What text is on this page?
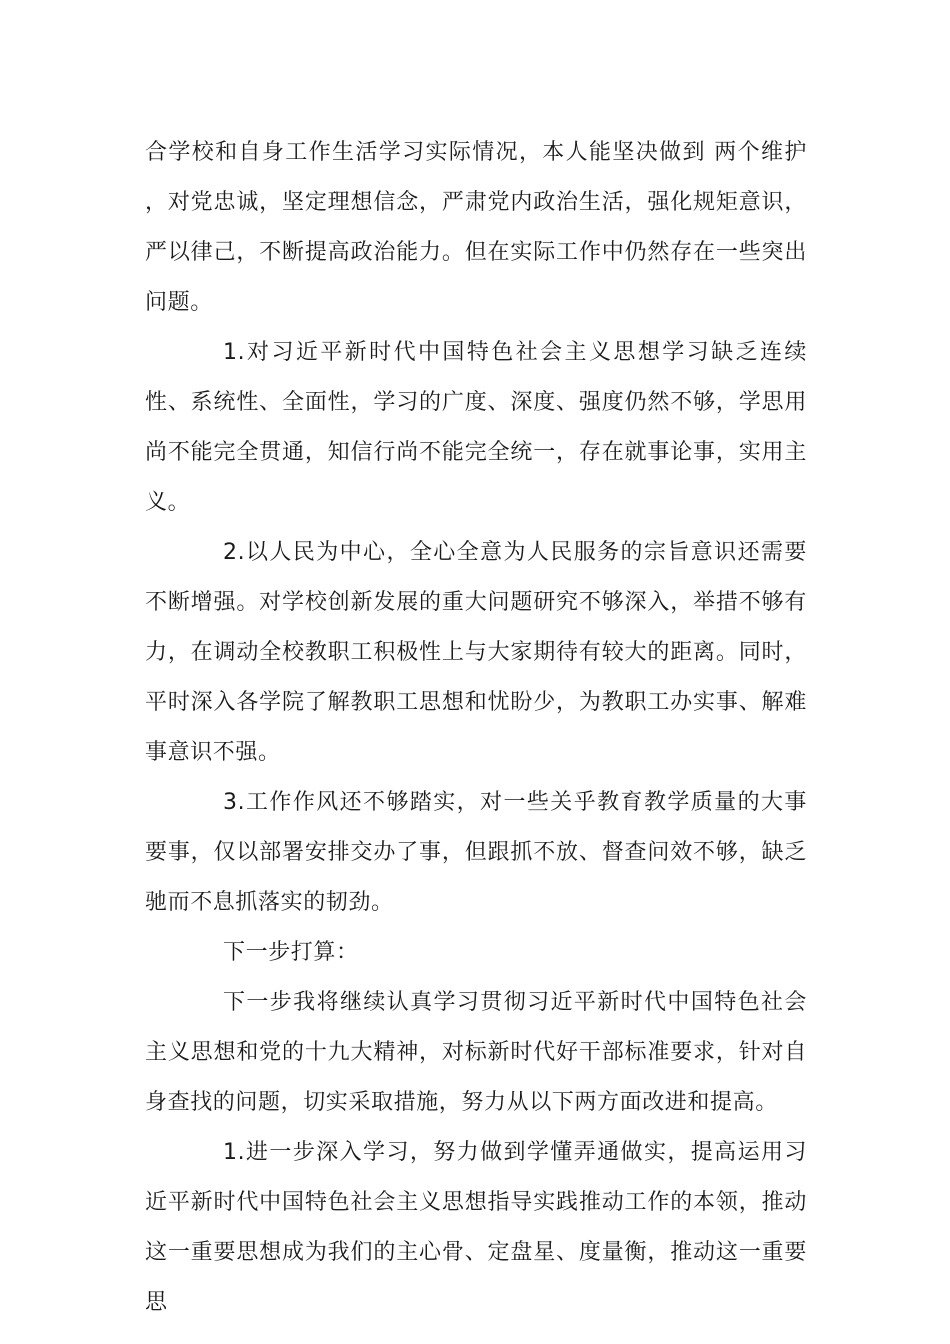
合学校和自身工作生活学习实际情况，本人能坚决做到 两个维护 ，对党忠诚，坚定理想信念，严肃党内政治生活，强化规矩意识，严以律己，不断提高政治能力。但在实际工作中仍然存在一些突出问题。

1.对习近平新时代中国特色社会主义思想学习缺乏连续性、系统性、全面性，学习的广度、深度、强度仍然不够，学思用尚不能完全贯通，知信行尚不能完全统一，存在就事论事，实用主义。

2.以人民为中心，全心全意为人民服务的宗旨意识还需要不断增强。对学校创新发展的重大问题研究不够深入，举措不够有力，在调动全校教职工积极性上与大家期待有较大的距离。同时，平时深入各学院了解教职工思想和忧盼少，为教职工办实事、解难事意识不强。

3.工作作风还不够踏实，对一些关乎教育教学质量的大事要事，仅以部署安排交办了事，但跟抓不放、督查问效不够，缺乏驰而不息抓落实的韧劲。

下一步打算：

下一步我将继续认真学习贯彻习近平新时代中国特色社会主义思想和党的十九大精神，对标新时代好干部标准要求，针对自身查找的问题，切实采取措施，努力从以下两方面改进和提高。

1.进一步深入学习，努力做到学懂弄通做实，提高运用习近平新时代中国特色社会主义思想指导实践推动工作的本领，推动这一重要思想成为我们的主心骨、定盘星、度量衡，推动这一重要思
